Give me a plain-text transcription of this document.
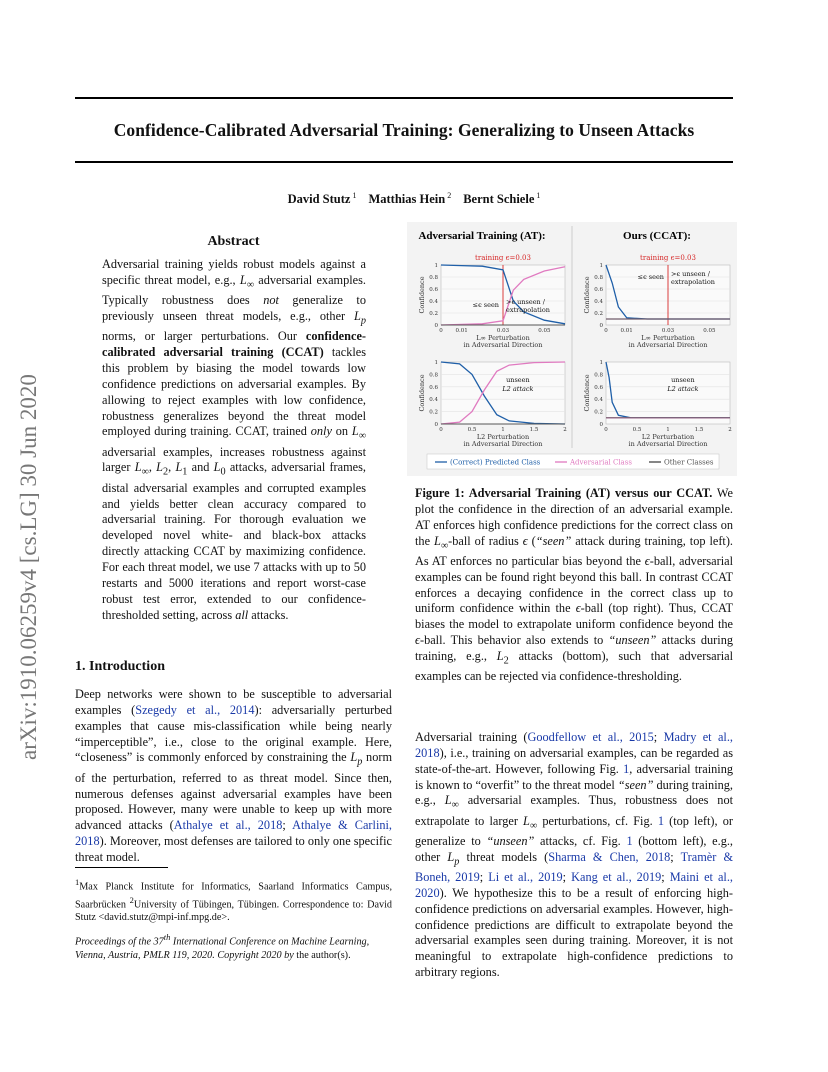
Confidence-Calibrated Adversarial Training: Generalizing to Unseen Attacks
David Stutz $^1$ Matthias Hein $^2$ Bernt Schiele $^1$
arXiv:1910.06259v4 [cs.LG] 30 Jun 2020
Abstract
Adversarial training yields robust models against a specific threat model, e.g., $L_\infty$ adversarial examples. Typically robustness does not generalize to previously unseen threat models, e.g., other $L_p$ norms, or larger perturbations. Our confidence-calibrated adversarial training (CCAT) tackles this problem by biasing the model towards low confidence predictions on adversarial examples. By allowing to reject examples with low confidence, robustness generalizes beyond the threat model employed during training. CCAT, trained only on $L_\infty$ adversarial examples, increases robustness against larger $L_\infty$, $L_2$, $L_1$ and $L_0$ attacks, adversarial frames, distal adversarial examples and corrupted examples and yields better clean accuracy compared to adversarial training. For thorough evaluation we developed novel white- and black-box attacks directly attacking CCAT by maximizing confidence. For each threat model, we use 7 attacks with up to 50 restarts and 5000 iterations and report worst-case robust test error, extended to our confidence-thresholded setting, across all attacks.
1. Introduction
Deep networks were shown to be susceptible to adversarial examples (Szegedy et al., 2014): adversarially perturbed examples that cause mis-classification while being nearly “imperceptible”, i.e., close to the original example. Here, “closeness” is commonly enforced by constraining the $L_p$ norm of the perturbation, referred to as threat model. Since then, numerous defenses against adversarial examples have been proposed. However, many were unable to keep up with more advanced attacks (Athalye et al., 2018; Athalye & Carlini, 2018). Moreover, most defenses are tailored to only one specific threat model.
$^1$Max Planck Institute for Informatics, Saarland Informatics Campus, Saarbrücken $^2$University of Tübingen, Tübingen. Correspondence to: David Stutz <david.stutz@mpi-inf.mpg.de>.
Proceedings of the 37th International Conference on Machine Learning, Vienna, Austria, PMLR 119, 2020. Copyright 2020 by the author(s).
Adversarial Training (AT):	Ours (CCAT):
0
0.2
0.4
0.6
0.8
1
0 0.01	0.03	0.05
Confidence
L∞ Perturbation
in Adversarial Direction
training ϵ=0.03
≤ϵ seen >ϵ unseen /
extrapolation
0
0.2
0.4
0.6
0.8
1
0 0.01	0.03	0.05
Confidence
L∞ Perturbation
in Adversarial Direction
training ϵ=0.03
≤ϵ seen >ϵ unseen /
extrapolation
0
0.2
0.4
0.6
0.8
1
0	0.5	1	1.5	2
Confidence
L2 Perturbation
in Adversarial Direction
unseen
L2 attack
0
0.2
0.4
0.6
0.8
1
0	0.5	1	1.5	2
Confidence
L2 Perturbation
in Adversarial Direction
unseen
L2 attack
(Correct) Predicted Class	Adversarial Class	Other Classes
Figure 1: Adversarial Training (AT) versus our CCAT. We plot the confidence in the direction of an adversarial example. AT enforces high confidence predictions for the correct class on the $L_\infty$-ball of radius ϵ (“seen” attack during training, top left). As AT enforces no particular bias beyond the ϵ-ball, adversarial examples can be found right beyond this ball. In contrast CCAT enforces a decaying confidence in the correct class up to uniform confidence within the ϵ-ball (top right). Thus, CCAT biases the model to extrapolate uniform confidence beyond the ϵ-ball. This behavior also extends to “unseen” attacks during training, e.g., $L_2$ attacks (bottom), such that adversarial examples can be rejected via confidence-thresholding.
Adversarial training (Goodfellow et al., 2015; Madry et al., 2018), i.e., training on adversarial examples, can be regarded as state-of-the-art. However, following Fig. 1, adversarial training is known to “overfit” to the threat model “seen” during training, e.g., $L_\infty$ adversarial examples. Thus, robustness does not extrapolate to larger $L_\infty$ perturbations, cf. Fig. 1 (top left), or generalize to “unseen” attacks, cf. Fig. 1 (bottom left), e.g., other $L_p$ threat models (Sharma & Chen, 2018; Tramèr & Boneh, 2019; Li et al., 2019; Kang et al., 2019; Maini et al., 2020). We hypothesize this to be a result of enforcing high-confidence predictions on adversarial examples. However, high-confidence predictions are difficult to extrapolate beyond the adversarial examples seen during training. Moreover, it is not meaningful to extrapolate high-confidence predictions to arbitrary regions.
